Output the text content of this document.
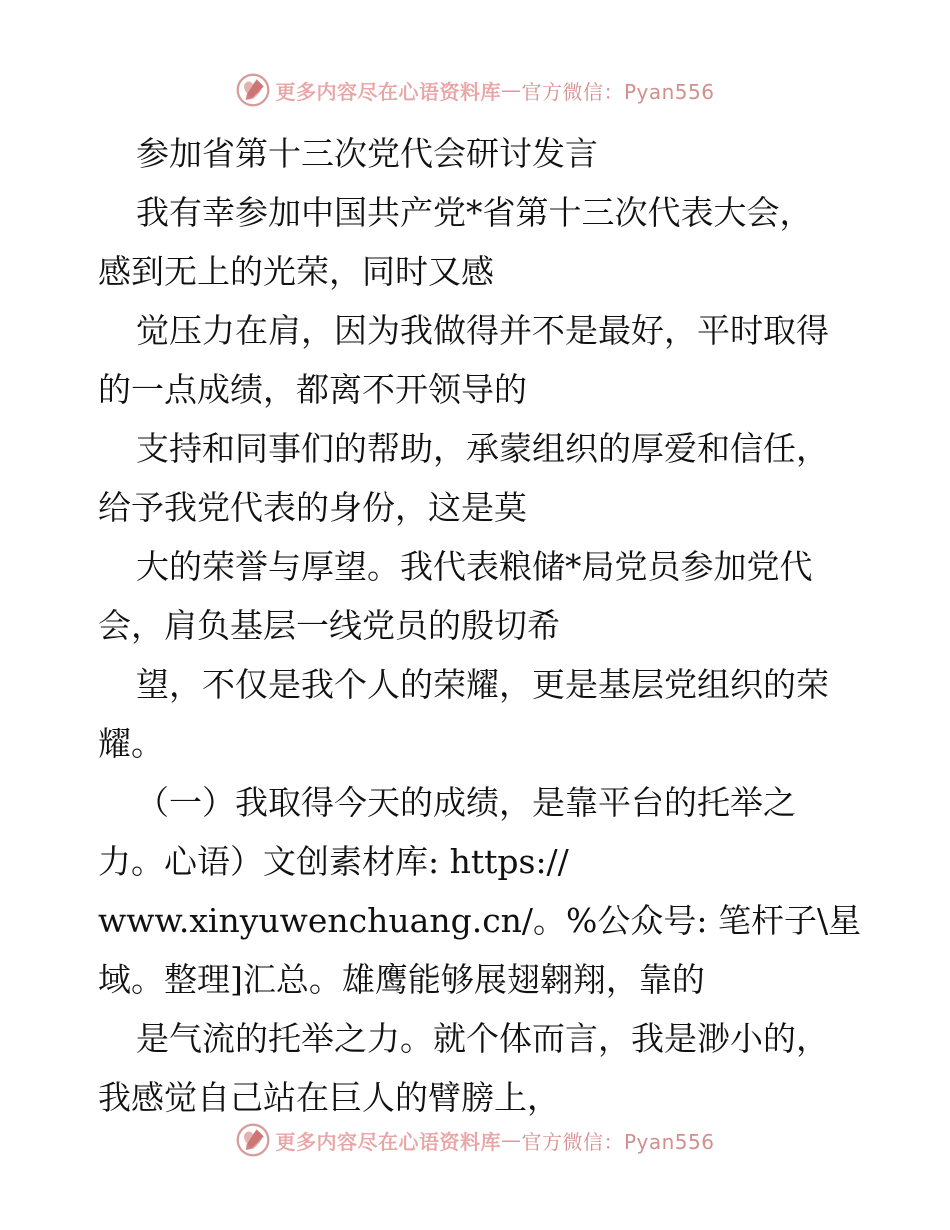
更多内容尽在心语资料库 — 官方微信：Pyan556
参加省第十三次党代会研讨发言
我有幸参加中国共产党*省第十三次代表大会，
感到无上的光荣，同时又感
觉压力在肩，因为我做得并不是最好，平时取得
的一点成绩，都离不开领导的
支持和同事们的帮助，承蒙组织的厚爱和信任，
给予我党代表的身份，这是莫
大的荣誉与厚望。我代表粮储*局党员参加党代
会，肩负基层一线党员的殷切希
望，不仅是我个人的荣耀，更是基层党组织的荣
耀。
（一）我取得今天的成绩，是靠平台的托举之
力。心语）文创素材库: https://
www.xinyuwenchuang.cn/。%公众号: 笔杆子\星
域。整理]汇总。雄鹰能够展翅翱翔，靠的
是气流的托举之力。就个体而言，我是渺小的，
我感觉自己站在巨人的臂膀上，
更多内容尽在心语资料库 — 官方微信：Pyan556
